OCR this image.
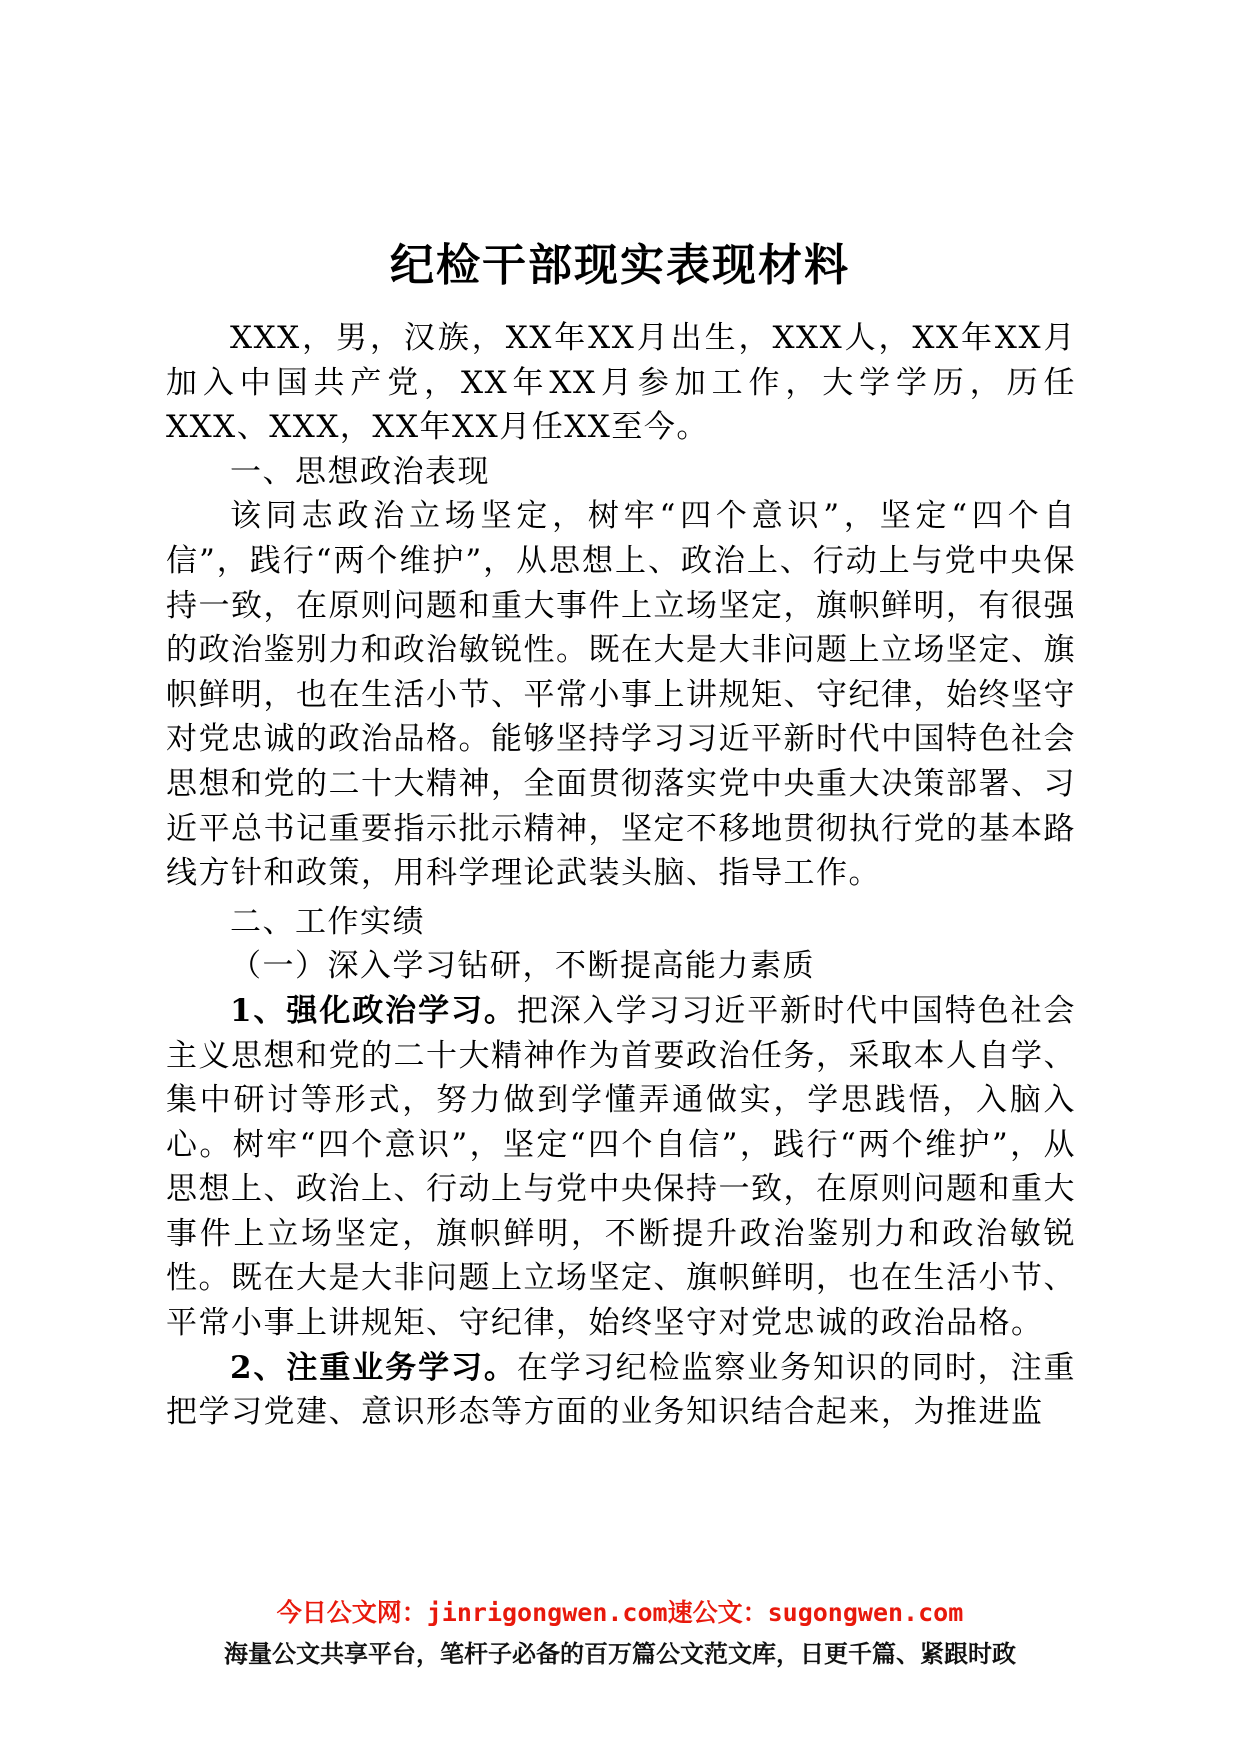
纪检干部现实表现材料

XXX，男，汉族，XX年XX月出生，XXX人，XX年XX月加入中国共产党，XX年XX月参加工作，大学学历，历任XXX、XXX，XX年XX月任XX至今。

一、思想政治表现

该同志政治立场坚定，树牢“四个意识”，坚定“四个自信”，践行“两个维护”，从思想上、政治上、行动上与党中央保持一致，在原则问题和重大事件上立场坚定，旗帜鲜明，有很强的政治鉴别力和政治敏锐性。既在大是大非问题上立场坚定、旗帜鲜明，也在生活小节、平常小事上讲规矩、守纪律，始终坚守对党忠诚的政治品格。能够坚持学习习近平新时代中国特色社会思想和党的二十大精神，全面贯彻落实党中央重大决策部署、习近平总书记重要指示批示精神，坚定不移地贯彻执行党的基本路线方针和政策，用科学理论武装头脑、指导工作。

二、工作实绩

（一）深入学习钻研，不断提高能力素质

1、强化政治学习。把深入学习习近平新时代中国特色社会主义思想和党的二十大精神作为首要政治任务，采取本人自学、集中研讨等形式，努力做到学懂弄通做实，学思践悟，入脑入心。树牢“四个意识”，坚定“四个自信”，践行“两个维护”，从思想上、政治上、行动上与党中央保持一致，在原则问题和重大事件上立场坚定，旗帜鲜明，不断提升政治鉴别力和政治敏锐性。既在大是大非问题上立场坚定、旗帜鲜明，也在生活小节、平常小事上讲规矩、守纪律，始终坚守对党忠诚的政治品格。

2、注重业务学习。在学习纪检监察业务知识的同时，注重把学习党建、意识形态等方面的业务知识结合起来，为推进监

今日公文网：jinrigongwen.com速公文：sugongwen.com
海量公文共享平台，笔杆子必备的百万篇公文范文库，日更千篇、紧跟时政
